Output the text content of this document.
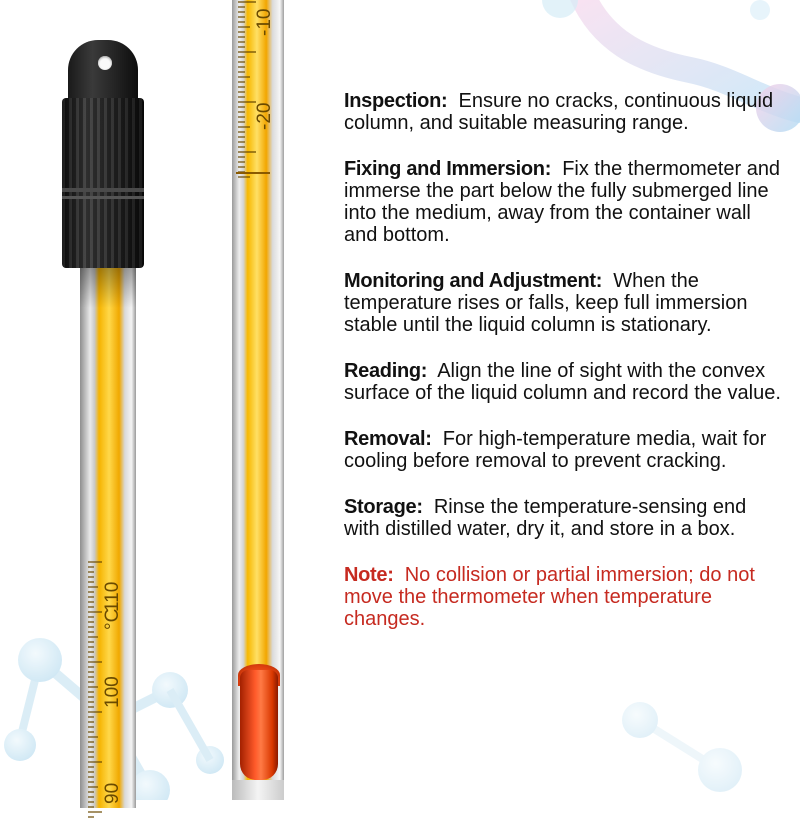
°C
110
100
90
-20
-10

Inspection: Ensure no cracks, continuous liquid column, and suitable measuring range.

Fixing and Immersion: Fix the thermometer and immerse the part below the fully submerged line into the medium, away from the container wall and bottom.

Monitoring and Adjustment: When the temperature rises or falls, keep full immersion stable until the liquid column is stationary.

Reading: Align the line of sight with the convex surface of the liquid column and record the value.

Removal: For high-temperature media, wait for cooling before removal to prevent cracking.

Storage: Rinse the temperature-sensing end with distilled water, dry it, and store in a box.

Note: No collision or partial immersion; do not move the thermometer when temperature changes.
